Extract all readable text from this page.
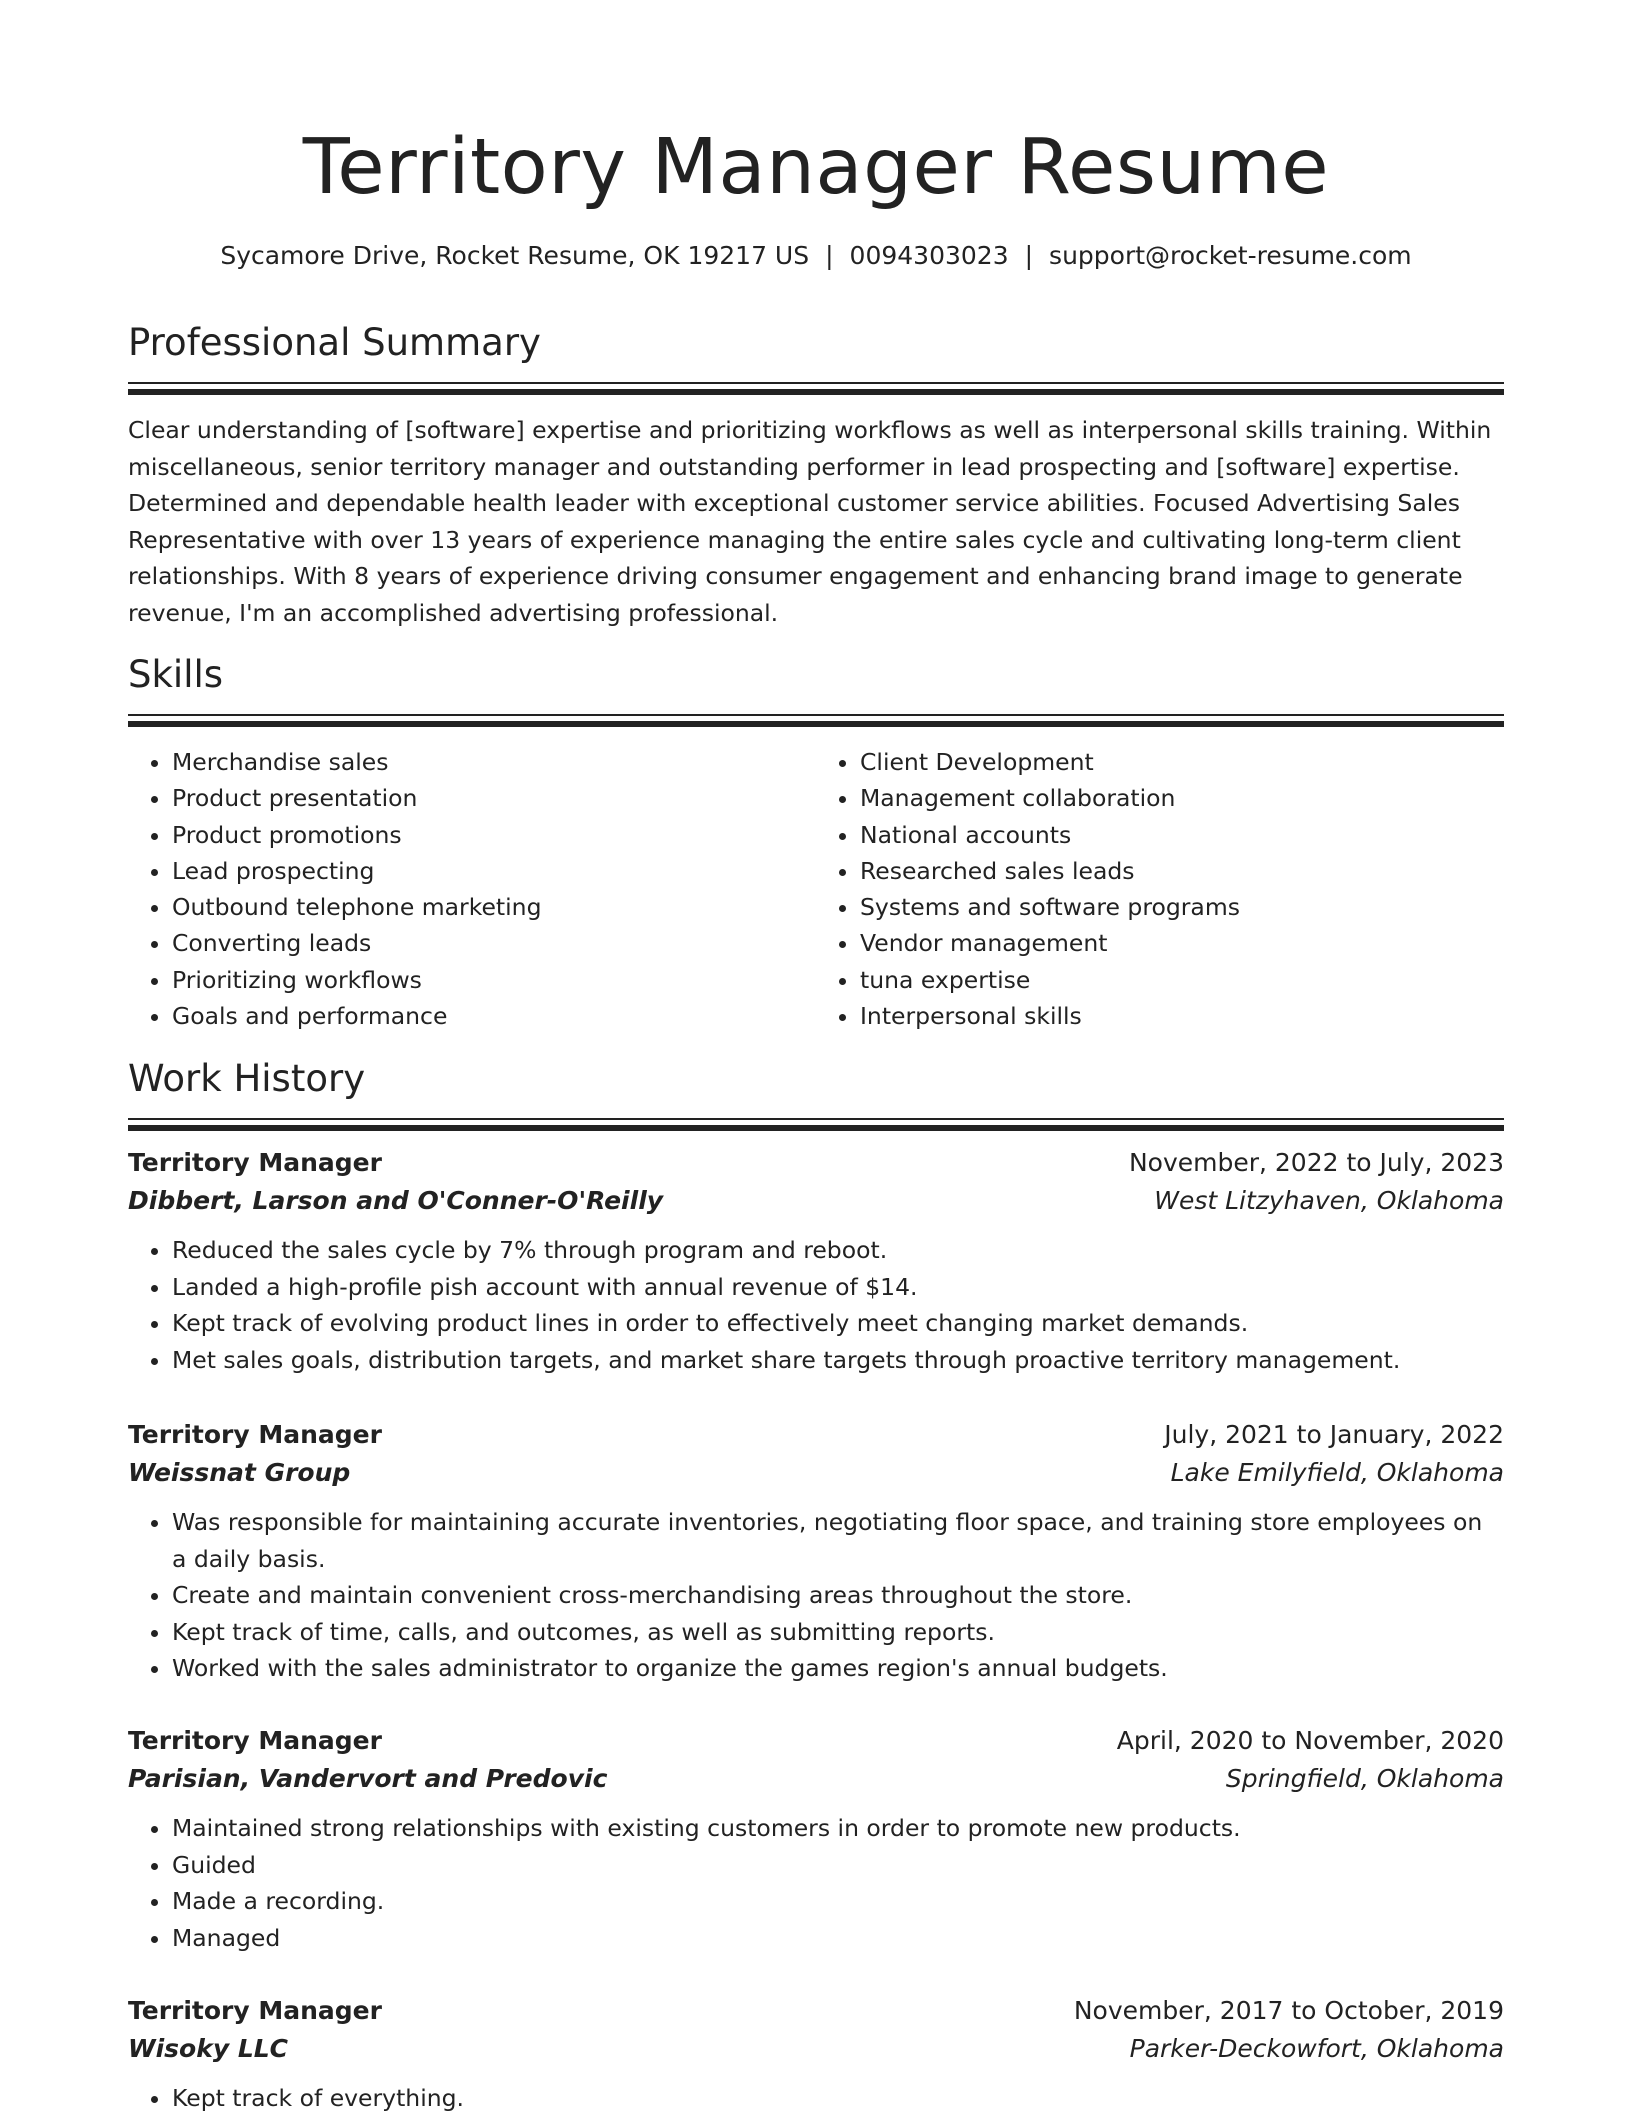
Territory Manager Resume
Sycamore Drive, Rocket Resume, OK 19217 US | 0094303023 | support@rocket-resume.com
Professional Summary

Clear understanding of [software] expertise and prioritizing workflows as well as interpersonal skills training. Within miscellaneous, senior territory manager and outstanding performer in lead prospecting and [software] expertise. Determined and dependable health leader with exceptional customer service abilities. Focused Advertising Sales Representative with over 13 years of experience managing the entire sales cycle and cultivating long-term client relationships. With 8 years of experience driving consumer engagement and enhancing brand image to generate revenue, I'm an accomplished advertising professional.

Skills
• Merchandise sales
• Product presentation
• Product promotions
• Lead prospecting
• Outbound telephone marketing
• Converting leads
• Prioritizing workflows
• Goals and performance
• Client Development
• Management collaboration
• National accounts
• Researched sales leads
• Systems and software programs
• Vendor management
• tuna expertise
• Interpersonal skills
Work History
Territory Manager	November, 2022 to July, 2023
Dibbert, Larson and O'Conner-O'Reilly	West Litzyhaven, Oklahoma
• Reduced the sales cycle by 7% through program and reboot.
• Landed a high-profile pish account with annual revenue of $14.
• Kept track of evolving product lines in order to effectively meet changing market demands.
• Met sales goals, distribution targets, and market share targets through proactive territory management.
Territory Manager	July, 2021 to January, 2022
Weissnat Group	Lake Emilyfield, Oklahoma
• Was responsible for maintaining accurate inventories, negotiating floor space, and training store employees on a daily basis.
• Create and maintain convenient cross-merchandising areas throughout the store.
• Kept track of time, calls, and outcomes, as well as submitting reports.
• Worked with the sales administrator to organize the games region's annual budgets.
Territory Manager	April, 2020 to November, 2020
Parisian, Vandervort and Predovic	Springfield, Oklahoma
• Maintained strong relationships with existing customers in order to promote new products.
• Guided
• Made a recording.
• Managed
Territory Manager	November, 2017 to October, 2019
Wisoky LLC	Parker-Deckowfort, Oklahoma
• Kept track of everything.
